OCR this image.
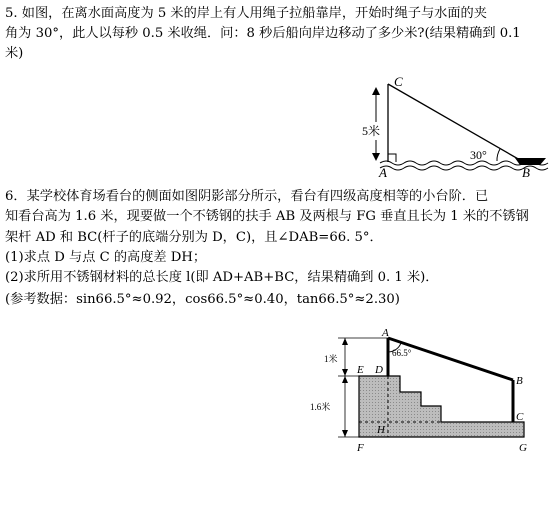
5. 如图，在离水面高度为 5 米的岸上有人用绳子拉船靠岸，开始时绳子与水面的夹
角为 30°，此人以每秒 0.5 米收绳．问：8 秒后船向岸边移动了多少米?(结果精确到 0.1
米)
5米
30°
C
A	B
6．某学校体育场看台的侧面如图阴影部分所示，看台有四级高度相等的小台阶．已
知看台高为 1.6 米，现要做一个不锈钢的扶手 AB 及两根与 FG 垂直且长为 1 米的不锈钢
架杆 AD 和 BC(杆子的底端分别为 D，C)，且∠DAB=66. 5°．
(1)求点 D 与点 C 的高度差 DH；
(2)求所用不锈钢材料的总长度 l(即 AD+AB+BC，结果精确到 0. 1 米)．
(参考数据：sin66.5°≈0.92，cos66.5°≈0.40，tan66.5°≈2.30)
66.5°
1米
1.6米
A
B
C
D
E
F	G
H
